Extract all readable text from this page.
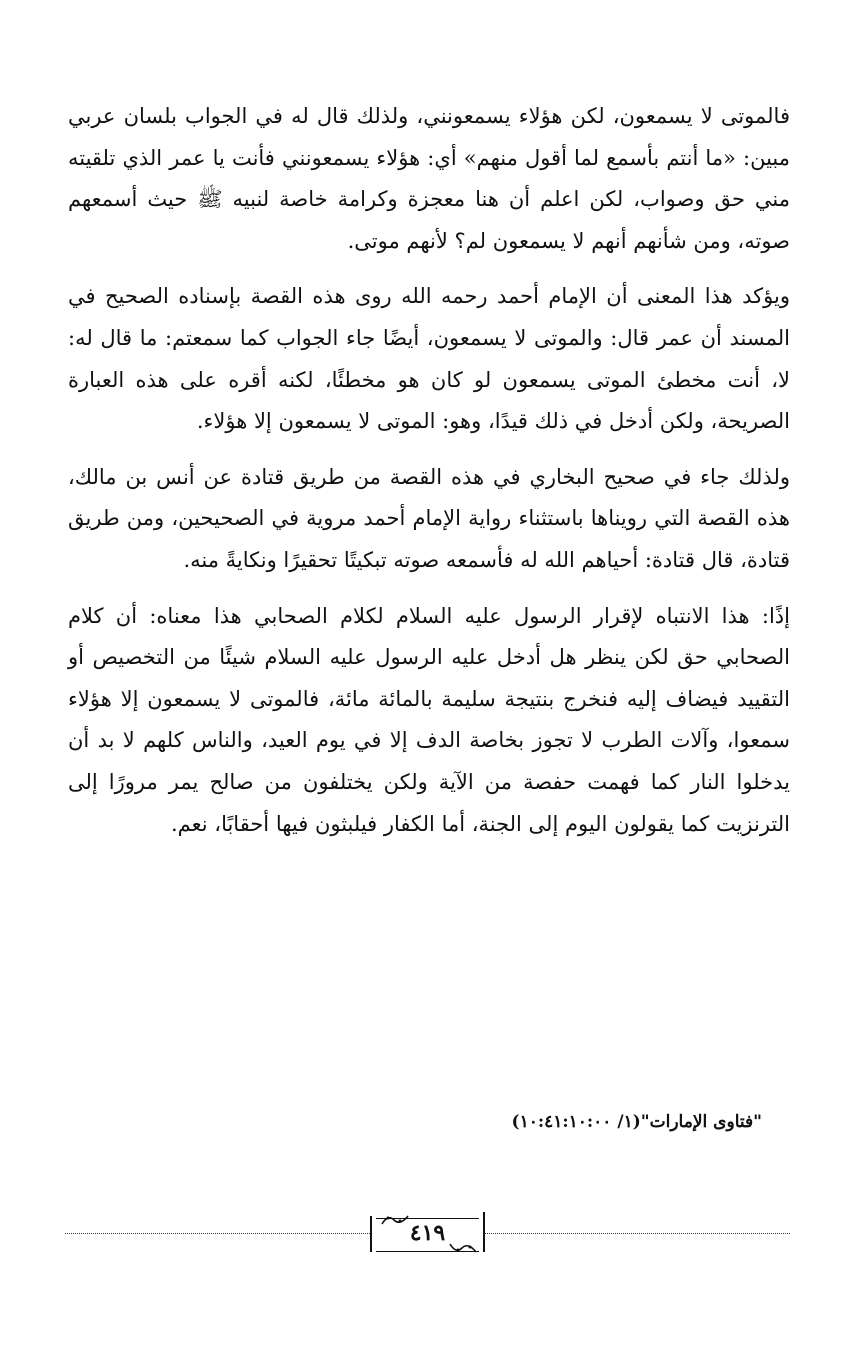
فالموتى لا يسمعون، لكن هؤلاء يسمعونني، ولذلك قال له في الجواب بلسان عربي مبين: «ما أنتم بأسمع لما أقول منهم» أي: هؤلاء يسمعونني فأنت يا عمر الذي تلقيته مني حق وصواب، لكن اعلم أن هنا معجزة وكرامة خاصة لنبيه ﷺ حيث أسمعهم صوته، ومن شأنهم أنهم لا يسمعون لم؟ لأنهم موتى.

ويؤكد هذا المعنى أن الإمام أحمد رحمه الله روى هذه القصة بإسناده الصحيح في المسند أن عمر قال: والموتى لا يسمعون، أيضًا جاء الجواب كما سمعتم: ما قال له: لا، أنت مخطئ الموتى يسمعون لو كان هو مخطئًا، لكنه أقره على هذه العبارة الصريحة، ولكن أدخل في ذلك قيدًا، وهو: الموتى لا يسمعون إلا هؤلاء.

ولذلك جاء في صحيح البخاري في هذه القصة من طريق قتادة عن أنس بن مالك، هذه القصة التي رويناها باستثناء رواية الإمام أحمد مروية في الصحيحين، ومن طريق قتادة، قال قتادة: أحياهم الله له فأسمعه صوته تبكيتًا تحقيرًا ونكايةً منه.

إذًا: هذا الانتباه لإقرار الرسول عليه السلام لكلام الصحابي هذا معناه: أن كلام الصحابي حق لكن ينظر هل أدخل عليه الرسول عليه السلام شيئًا من التخصيص أو التقييد فيضاف إليه فنخرج بنتيجة سليمة بالمائة مائة، فالموتى لا يسمعون إلا هؤلاء سمعوا، وآلات الطرب لا تجوز بخاصة الدف إلا في يوم العيد، والناس كلهم لا بد أن يدخلوا النار كما فهمت حفصة من الآية ولكن يختلفون من صالح يمر مرورًا إلى الترنزيت كما يقولون اليوم إلى الجنة، أما الكفار فيلبثون فيها أحقابًا، نعم.

"فتاوى الإمارات"(١/ ١٠:٤١:١٠:٠٠)
٤١٩
